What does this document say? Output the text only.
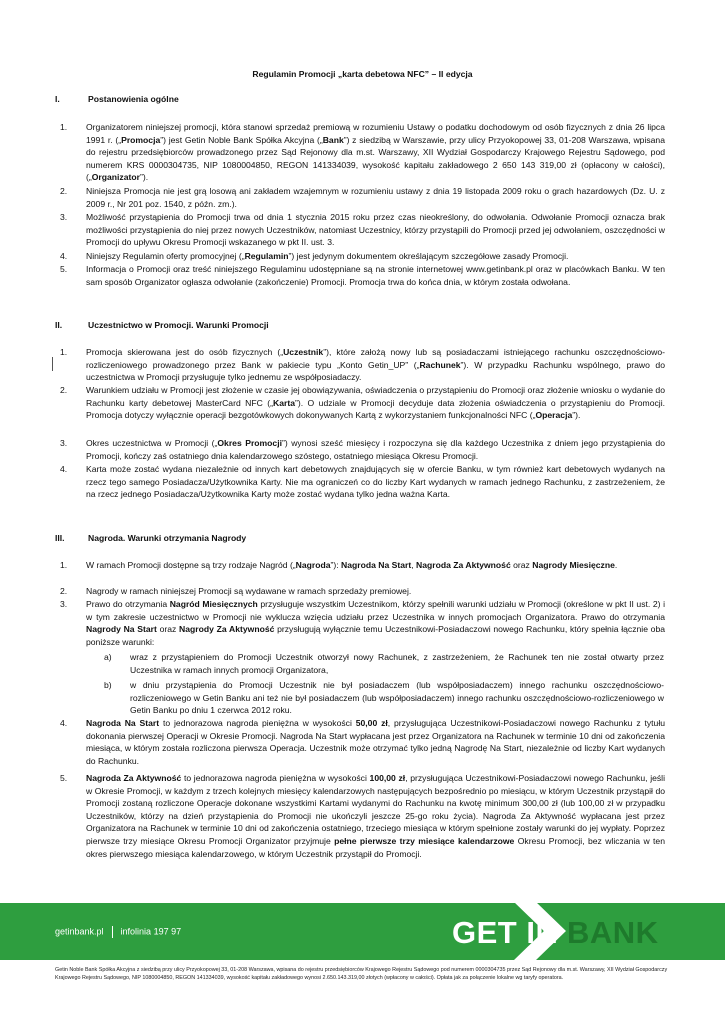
Regulamin Promocji „karta debetowa NFC” – II edycja
I.	Postanowienia ogólne
1. Organizatorem niniejszej promocji, która stanowi sprzedaż premiową w rozumieniu Ustawy o podatku dochodowym od osób fizycznych z dnia 26 lipca 1991 r. („Promocja”) jest Getin Noble Bank Spółka Akcyjna („Bank”) z siedzibą w Warszawie, przy ulicy Przyokopowej 33, 01-208 Warszawa, wpisana do rejestru przedsiębiorców prowadzonego przez Sąd Rejonowy dla m.st. Warszawy, XII Wydział Gospodarczy Krajowego Rejestru Sądowego, pod numerem KRS 0000304735, NIP 1080004850, REGON 141334039, wysokość kapitału zakładowego 2 650 143 319,00 zł (opłacony w całości), („Organizator”).
2. Niniejsza Promocja nie jest grą losową ani zakładem wzajemnym w rozumieniu ustawy z dnia 19 listopada 2009 roku o grach hazardowych (Dz. U. z 2009 r., Nr 201 poz. 1540, z późn. zm.).
3. Możliwość przystąpienia do Promocji trwa od dnia 1 stycznia 2015 roku przez czas nieokreślony, do odwołania. Odwołanie Promocji oznacza brak możliwości przystąpienia do niej przez nowych Uczestników, natomiast Uczestnicy, którzy przystąpili do Promocji przed jej odwołaniem, oszczędności w Promocji do upływu Okresu Promocji wskazanego w pkt II. ust. 3.
4. Niniejszy Regulamin oferty promocyjnej („Regulamin”) jest jedynym dokumentem określającym szczegółowe zasady Promocji.
5. Informacja o Promocji oraz treść niniejszego Regulaminu udostępniane są na stronie internetowej www.getinbank.pl oraz w placówkach Banku. W ten sam sposób Organizator ogłasza odwołanie (zakończenie) Promocji. Promocja trwa do końca dnia, w którym została odwołana.
II.	Uczestnictwo w Promocji. Warunki Promocji
1. Promocja skierowana jest do osób fizycznych („Uczestnik”), które założą nowy lub są posiadaczami istniejącego rachunku oszczędnościowo-rozliczeniowego prowadzonego przez Bank w pakiecie typu „Konto Getin_UP” („Rachunek”). W przypadku Rachunku wspólnego, prawo do uczestnictwa w Promocji przysługuje tylko jednemu ze współposiadaczy.
2. Warunkiem udziału w Promocji jest złożenie w czasie jej obowiązywania, oświadczenia o przystąpieniu do Promocji oraz złożenie wniosku o wydanie do Rachunku karty debetowej MasterCard NFC („Karta”). O udziale w Promocji decyduje data złożenia oświadczenia o przystąpieniu do Promocji. Promocja dotyczy wyłącznie operacji bezgotówkowych dokonywanych Kartą z wykorzystaniem funkcjonalności NFC („Operacja”).
3. Okres uczestnictwa w Promocji („Okres Promocji”) wynosi sześć miesięcy i rozpoczyna się dla każdego Uczestnika z dniem jego przystąpienia do Promocji, kończy zaś ostatniego dnia kalendarzowego szóstego, ostatniego miesiąca Okresu Promocji.
4. Karta może zostać wydana niezależnie od innych kart debetowych znajdujących się w ofercie Banku, w tym również kart debetowych wydanych na rzecz tego samego Posiadacza/Użytkownika Karty. Nie ma ograniczeń co do liczby Kart wydanych w ramach jednego Rachunku, z zastrzeżeniem, że na rzecz jednego Posiadacza/Użytkownika Karty może zostać wydana tylko jedna ważna Karta.
III.	Nagroda. Warunki otrzymania Nagrody
1. W ramach Promocji dostępne są trzy rodzaje Nagród („Nagroda”): Nagroda Na Start, Nagroda Za Aktywność oraz Nagrody Miesięczne.
2. Nagrody w ramach niniejszej Promocji są wydawane w ramach sprzedaży premiowej.
3. Prawo do otrzymania Nagród Miesięcznych przysługuje wszystkim Uczestnikom, którzy spełnili warunki udziału w Promocji (określone w pkt II ust. 2) i w tym zakresie uczestnictwo w Promocji nie wyklucza wzięcia udziału przez Uczestnika w innych promocjach Organizatora. Prawo do otrzymania Nagrody Na Start oraz Nagrody Za Aktywność przysługują wyłącznie temu Uczestnikowi-Posiadaczowi nowego Rachunku, który spełnia łącznie oba poniższe warunki:
a) wraz z przystąpieniem do Promocji Uczestnik otworzył nowy Rachunek, z zastrzeżeniem, że Rachunek ten nie został otwarty przez Uczestnika w ramach innych promocji Organizatora,
b) w dniu przystąpienia do Promocji Uczestnik nie był posiadaczem (lub współposiadaczem) innego rachunku oszczędnościowo-rozliczeniowego w Getin Banku ani też nie był posiadaczem (lub współposiadaczem) innego rachunku oszczędnościowo-rozliczeniowego w Getin Banku po dniu 1 czerwca 2012 roku.
4. Nagroda Na Start to jednorazowa nagroda pieniężna w wysokości 50,00 zł, przysługująca Uczestnikowi-Posiadaczowi nowego Rachunku z tytułu dokonania pierwszej Operacji w Okresie Promocji. Nagroda Na Start wypłacana jest przez Organizatora na Rachunek w terminie 10 dni od zakończenia miesiąca, w którym została rozliczona pierwsza Operacja. Uczestnik może otrzymać tylko jedną Nagrodę Na Start, niezależnie od liczby Kart wydanych do Rachunku.
5. Nagroda Za Aktywność to jednorazowa nagroda pieniężna w wysokości 100,00 zł, przysługująca Uczestnikowi-Posiadaczowi nowego Rachunku, jeśli w Okresie Promocji, w każdym z trzech kolejnych miesięcy kalendarzowych następujących bezpośrednio po miesiącu, w którym Uczestnik przystąpił do Promocji zostaną rozliczone Operacje dokonane wszystkimi Kartami wydanymi do Rachunku na kwotę minimum 300,00 zł (lub 100,00 zł w przypadku Uczestników, którzy na dzień przystąpienia do Promocji nie ukończyli jeszcze 25-go roku życia). Nagroda Za Aktywność wypłacana jest przez Organizatora na Rachunek w terminie 10 dni od zakończenia ostatniego, trzeciego miesiąca w którym spełnione zostały warunki do jej wypłaty. Poprzez pierwsze trzy miesiące Okresu Promocji Organizator przyjmuje pełne pierwsze trzy miesiące kalendarzowe Okresu Promocji, bez wliczania w ten okres pierwszego miesiąca kalendarzowego, w którym Uczestnik przystąpił do Promocji.
getinbank.pl infolinia 197 97	GET IN BANK
Getin Noble Bank Spółka Akcyjna z siedzibą przy ulicy Przyokopowej 33, 01-208 Warszawa, wpisana do rejestru przedsiębiorców Krajowego Rejestru Sądowego pod numerem 0000304735 przez Sąd Rejonowy dla m.st. Warszawy, XII Wydział Gospodarczy Krajowego Rejestru Sądowego, NIP 1080004850, REGON 141334039, wysokość kapitału zakładowego wynosi 2.650.143.319,00 złotych (wpłacony w całości). Opłata jak za połączenie lokalne wg taryfy operatora.
